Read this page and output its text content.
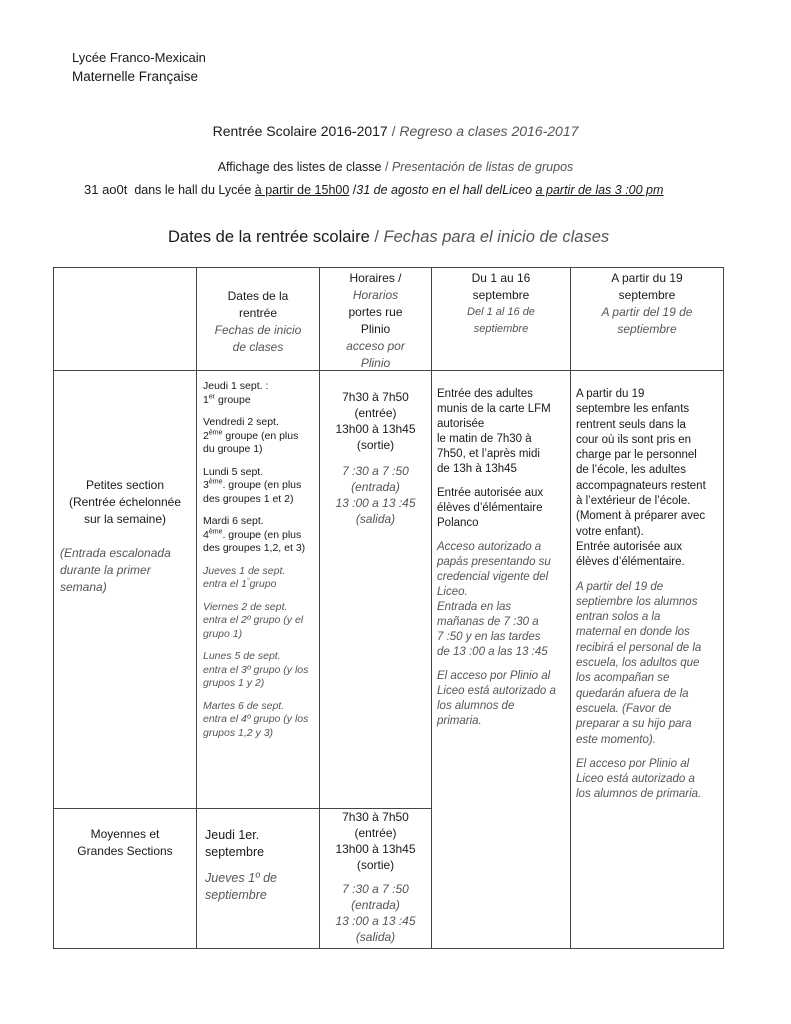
Lycée Franco-Mexicain
Maternelle Française
Rentrée Scolaire 2016-2017 / Regreso a clases 2016-2017
Affichage des listes de classe / Presentación de listas de grupos
31 ao0t dans le hall du Lycée à partir de 15h00 /31 de agosto en el hall delLiceo a partir de las 3 :00 pm
Dates de la rentrée scolaire / Fechas para el inicio de clases
Dates de la
rentrée
Fechas de inicio
de clases
Horaires /
Horarios
portes rue
Plinio
acceso por
Plinio
Du 1 au 16
septembre
Del 1 al 16 de
septiembre
A partir du 19
septembre
A partir del 19 de
septiembre
Petites section
(Rentrée échelonnée
sur la semaine)
(Entrada escalonada
durante la primer
semana)
Jeudi 1 sept. :
1er groupe
Vendredi 2 sept.
2ème groupe (en plus
du groupe 1)
Lundi 5 sept.
3ème. groupe (en plus
des groupes 1 et 2)
Mardi 6 sept.
4ème. groupe (en plus
des groupes 1,2, et 3)
Jueves 1 de sept.
entra el 1°grupo
Viernes 2 de sept.
entra el 2º grupo (y el
grupo 1)
Lunes 5 de sept.
entra el 3º grupo (y los
grupos 1 y 2)
Martes 6 de sept.
entra el 4º grupo (y los
grupos 1,2 y 3)
7h30 à 7h50
(entrée)
13h00 à 13h45
(sortie)
7 :30 a 7 :50
(entrada)
13 :00 a 13 :45
(salida)
Entrée des adultes
munis de la carte LFM
autorisée
le matin de 7h30 à
7h50, et l’après midi
de 13h à 13h45
Entrée autorisée aux
élèves d’élémentaire
Polanco
Acceso autorizado a
papás presentando su
credencial vigente del
Liceo.
Entrada en las
mañanas de 7 :30 a
7 :50 y en las tardes
de 13 :00 a las 13 :45
El acceso por Plinio al
Liceo está autorizado a
los alumnos de
primaria.
A partir du 19
septembre les enfants
rentrent seuls dans la
cour où ils sont pris en
charge par le personnel
de l’école, les adultes
accompagnateurs restent
à l’extérieur de l’école.
(Moment à préparer avec
votre enfant).
Entrée autorisée aux
élèves d’élémentaire.
A partir del 19 de
septiembre los alumnos
entran solos a la
maternal en donde los
recibirá el personal de la
escuela, los adultos que
los acompañan se
quedarán afuera de la
escuela. (Favor de
preparar a su hijo para
este momento).
El acceso por Plinio al
Liceo está autorizado a
los alumnos de primaria.
Moyennes et
Grandes Sections
Jeudi 1er.
septembre
Jueves 1º de
septiembre
7h30 à 7h50
(entrée)
13h00 à 13h45
(sortie)
7 :30 a 7 :50
(entrada)
13 :00 a 13 :45
(salida)
